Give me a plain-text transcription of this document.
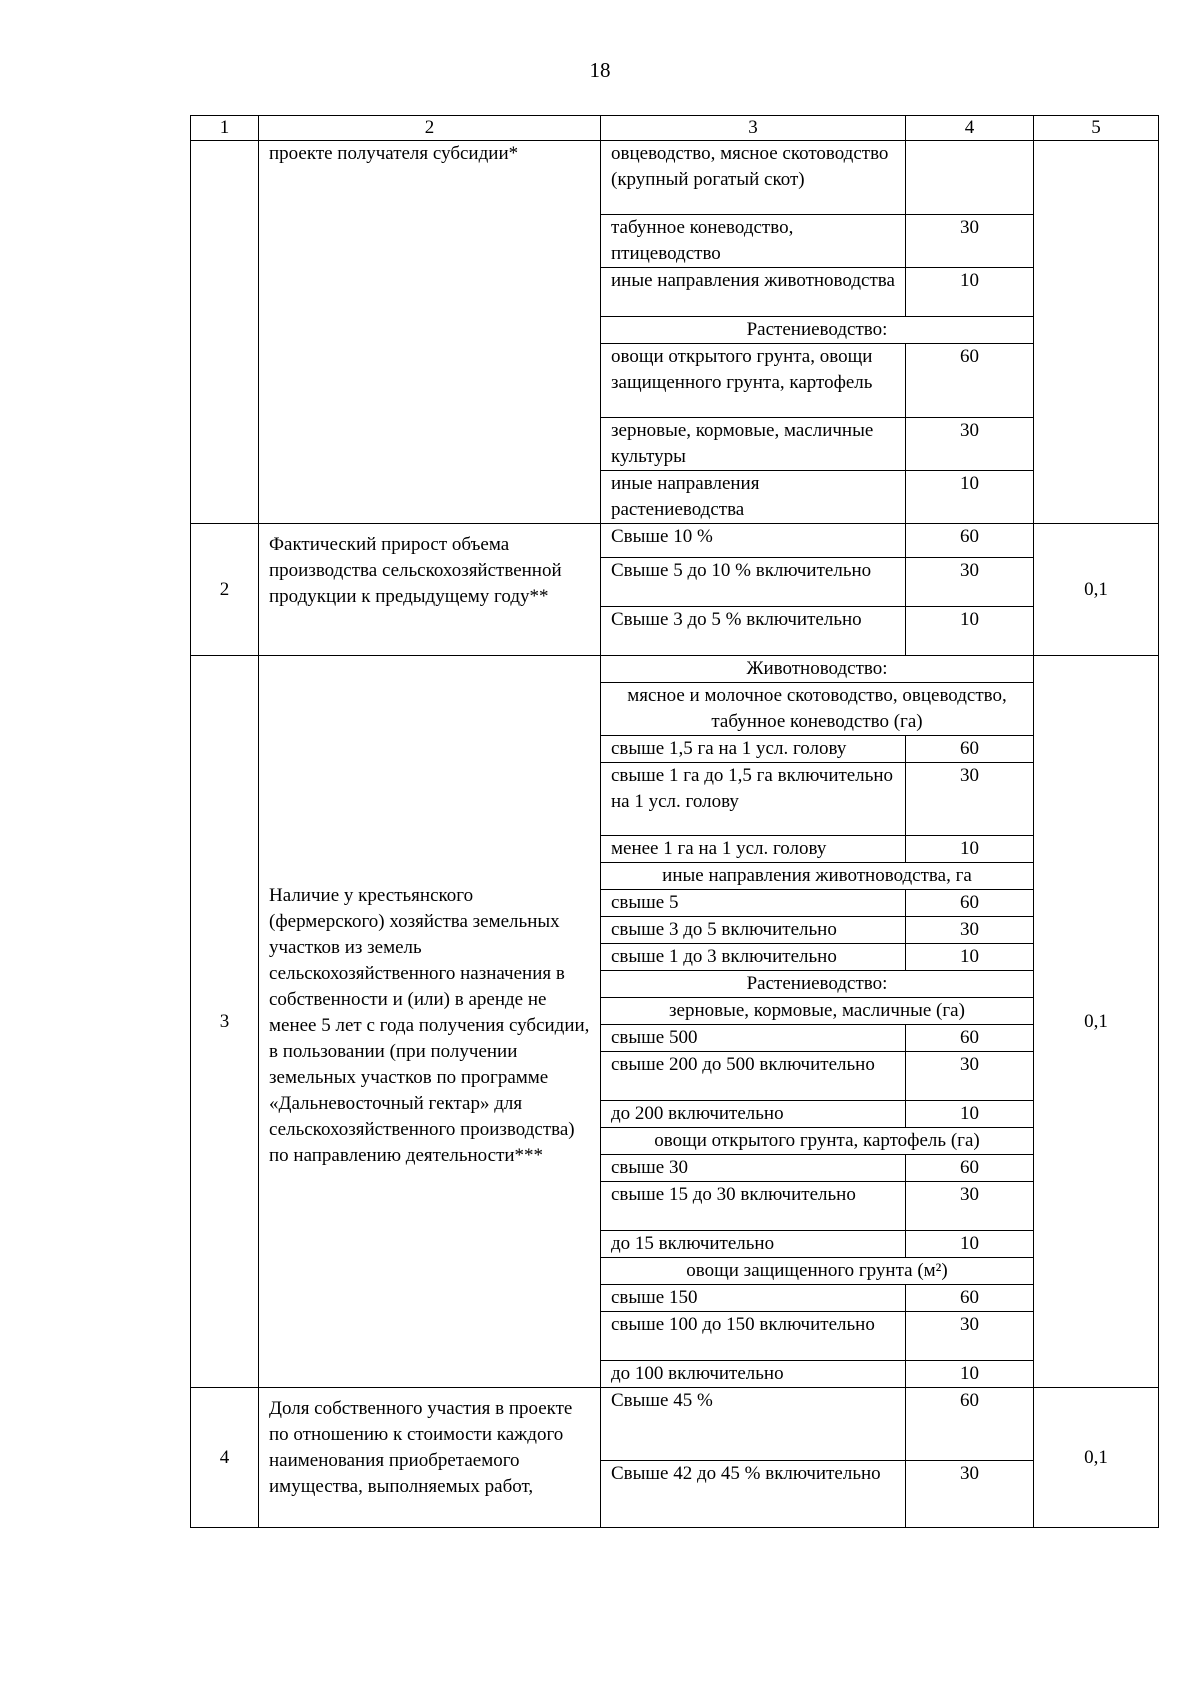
18
1	2	3	4	5

	проекте получателя субсидии*	овцеводство, мясное скотоводство (крупный рогатый скот)		
		табунное коневодство, птицеводство	30	
		иные направления животноводства	10	
		Растениеводство:		
		овощи открытого грунта, овощи защищенного грунта, картофель	60	
		зерновые, кормовые, масличные культуры	30	
		иные направления растениеводства	10	
2	Фактический прирост объема производства сельскохозяйственной продукции к предыдущему году**	Свыше 10 %	60	0,1
		Свыше 5 до 10 % включительно	30	
		Свыше 3 до 5 % включительно	10	
3	Наличие у крестьянского (фермерского) хозяйства земельных участков из земель сельскохозяйственного назначения в собственности и (или) в аренде не менее 5 лет с года получения субсидии, в пользовании (при получении земельных участков по программе «Дальневосточный гектар» для сельскохозяйственного производства) по направлению деятельности***	Животноводство:		0,1
		мясное и молочное скотоводство, овцеводство, табунное коневодство (га)		
		свыше 1,5 га на 1 усл. голову	60	
		свыше 1 га до 1,5 га включительно на 1 усл. голову	30	
		менее 1 га на 1 усл. голову	10	
		иные направления животноводства, га		
		свыше 5	60	
		свыше 3 до 5 включительно	30	
		свыше 1 до 3 включительно	10	
		Растениеводство:		
		зерновые, кормовые, масличные (га)		
		свыше 500	60	
		свыше 200 до 500 включительно	30	
		до 200 включительно	10	
		овощи открытого грунта, картофель (га)		
		свыше 30	60	
		свыше 15 до 30 включительно	30	
		до 15 включительно	10	
		овощи защищенного грунта (м²)		
		свыше 150	60	
		свыше 100 до 150 включительно	30	
		до 100 включительно	10	
4	Доля собственного участия в проекте по отношению к стоимости каждого наименования приобретаемого имущества, выполняемых работ,	Свыше 45 %	60	0,1
		Свыше 42 до 45 % включительно	30	
